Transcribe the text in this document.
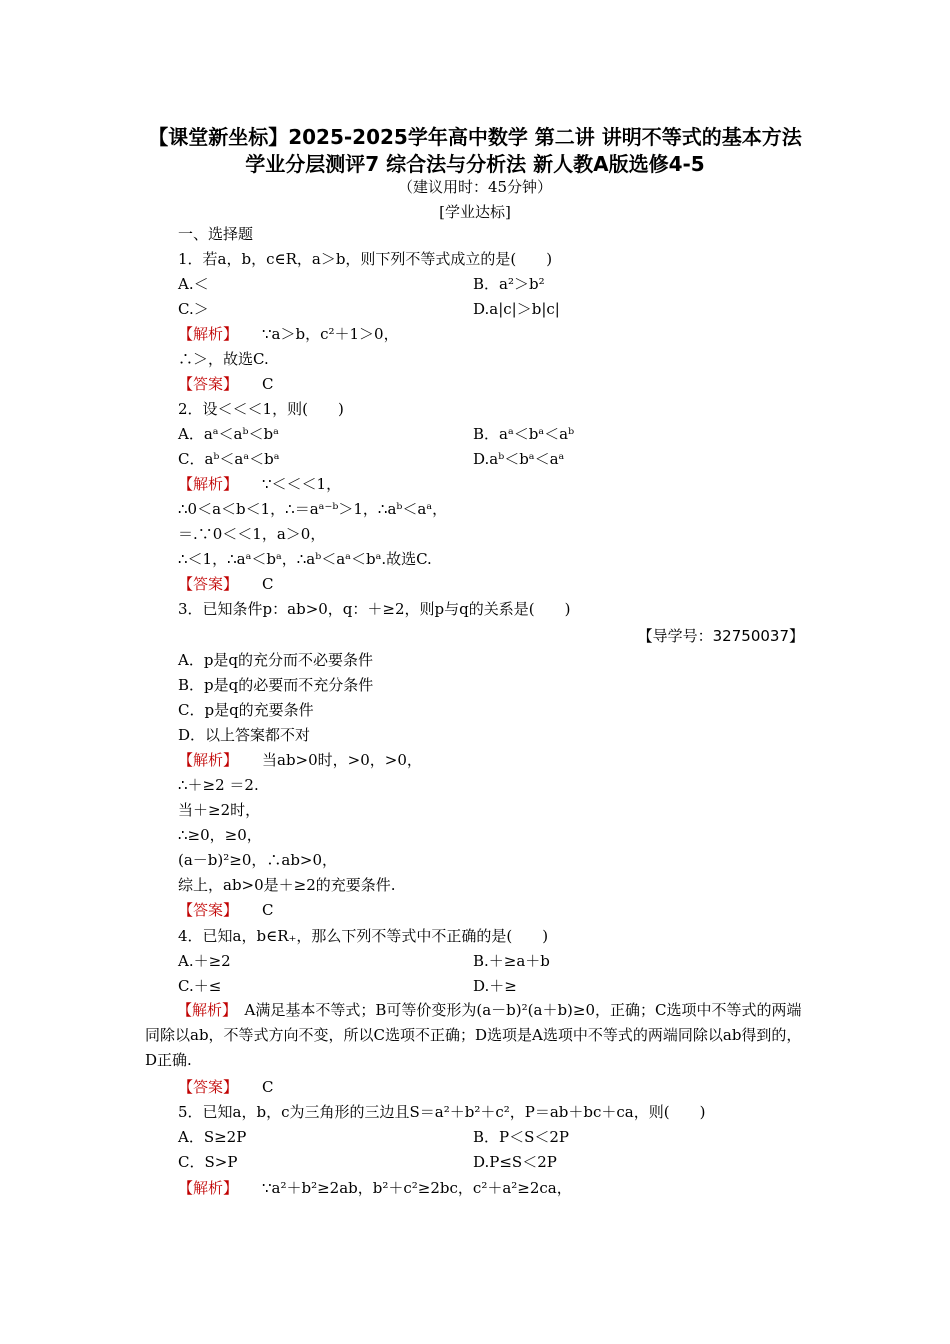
【课堂新坐标】2025-2025学年高中数学 第二讲 讲明不等式的基本方法 学业分层测评7 综合法与分析法 新人教A版选修4-5
（建议用时：45分钟）
[学业达标]
一、选择题
1．若a，b，c∈R，a＞b，则下列不等式成立的是(　　)
A.＜	B．a²＞b²
C.＞	D.a|c|＞b|c|
【解析】 ∵a＞b，c²＋1＞0，
∴＞，故选C.
【答案】 C
2．设＜＜＜1，则(　　)
A．aᵃ＜aᵇ＜bᵃ	B．aᵃ＜bᵃ＜aᵇ
C．aᵇ＜aᵃ＜bᵃ	D.aᵇ＜bᵃ＜aᵃ
【解析】 ∵＜＜＜1，
∴0＜a＜b＜1，∴＝aᵃ⁻ᵇ＞1，∴aᵇ＜aᵃ，
＝.∵0＜＜1，a＞0，
∴＜1，∴aᵃ＜bᵃ，∴aᵇ＜aᵃ＜bᵃ.故选C.
【答案】 C
3．已知条件p：ab>0，q：＋≥2，则p与q的关系是(　　)
【导学号：32750037】
A．p是q的充分而不必要条件
B．p是q的必要而不充分条件
C．p是q的充要条件
D．以上答案都不对
【解析】 当ab>0时，>0，>0，
∴＋≥2 ＝2.
当＋≥2时，
∴≥0，≥0，
(a－b)²≥0，∴ab>0，
综上，ab>0是＋≥2的充要条件.
【答案】 C
4．已知a，b∈R₊，那么下列不等式中不正确的是(　　)
A.＋≥2	B.＋≥a＋b
C.＋≤	D.＋≥
【解析】　 A满足基本不等式；B可等价变形为(a－b)²(a＋b)≥0，正确；C选项中不等式的两端同除以ab，不等式方向不变，所以C选项不正确；D选项是A选项中不等式的两端同除以ab得到的，D正确.
【答案】 C
5．已知a，b，c为三角形的三边且S＝a²＋b²＋c²，P＝ab＋bc＋ca，则(　　)
A．S≥2P	B．P＜S＜2P
C．S>P	D.P≤S＜2P
【解析】 ∵a²＋b²≥2ab，b²＋c²≥2bc，c²＋a²≥2ca，
